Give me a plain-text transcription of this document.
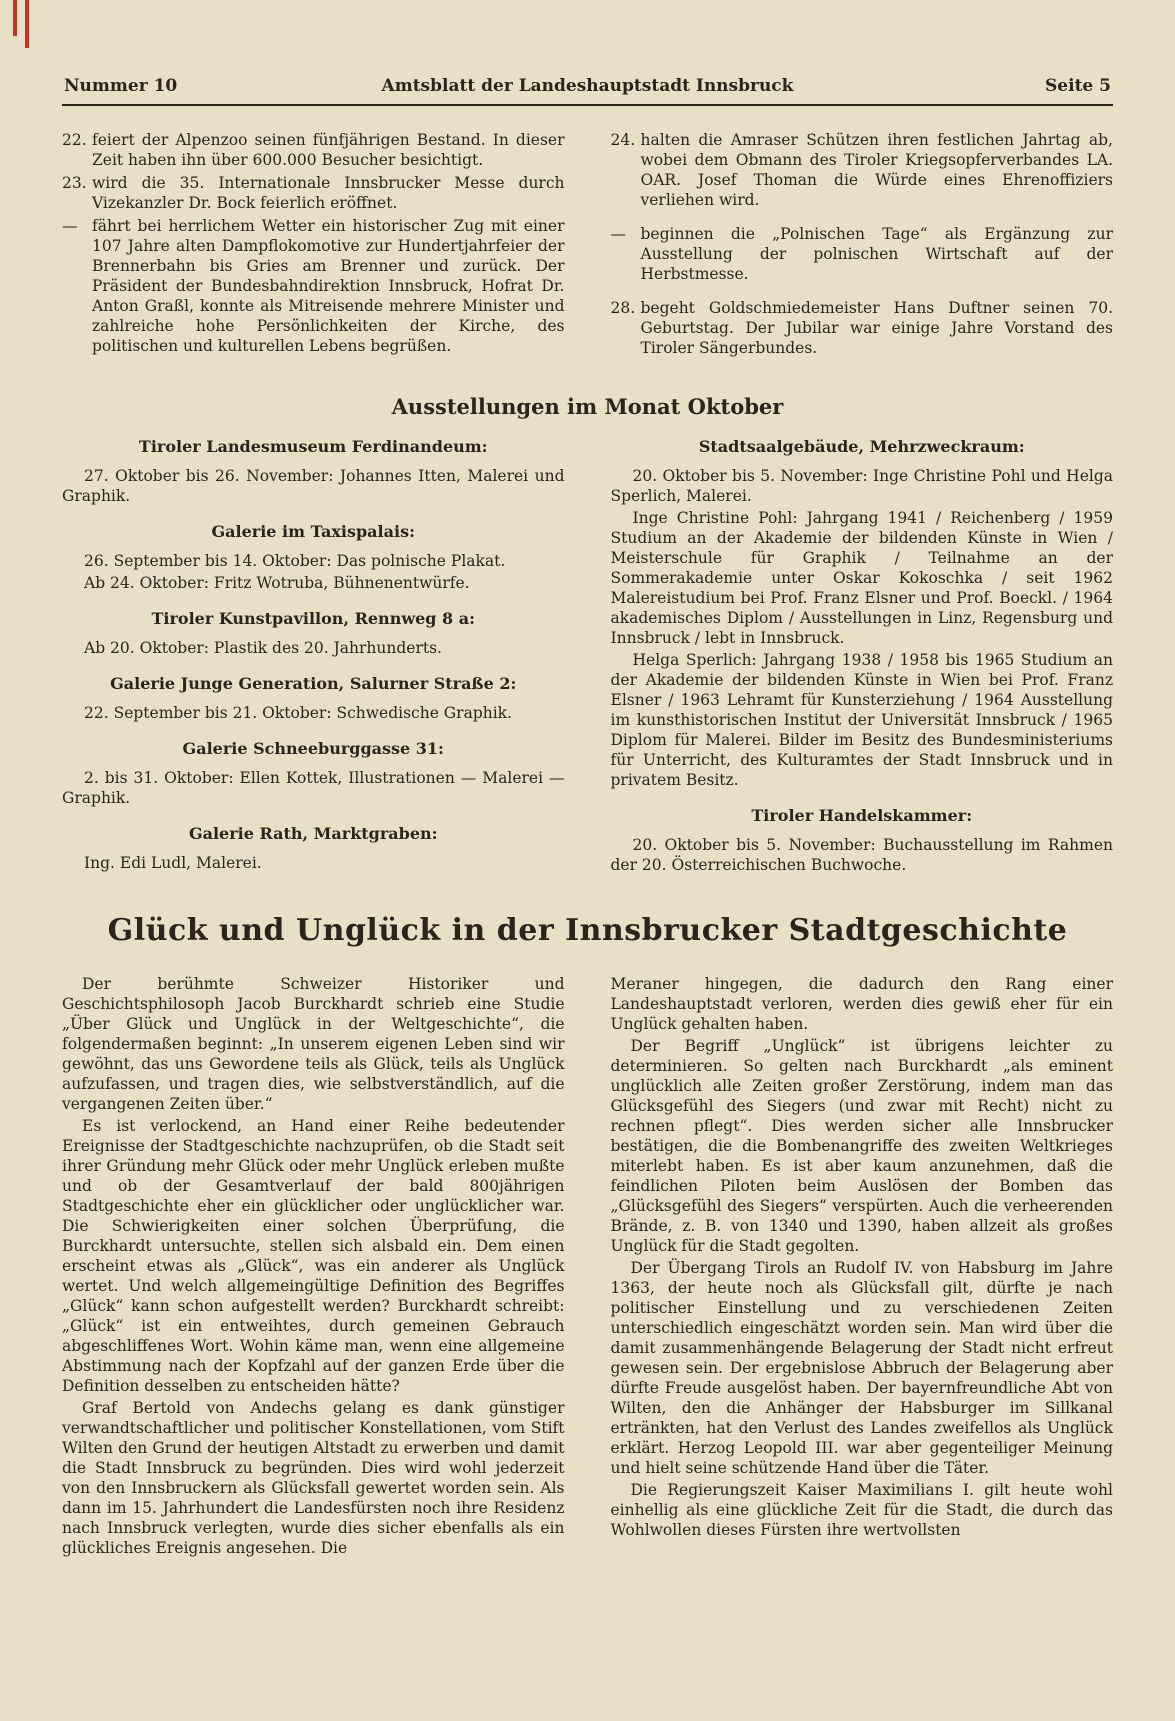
Nummer 10	Amtsblatt der Landeshauptstadt Innsbruck	Seite 5

22. feiert der Alpenzoo seinen fünfjährigen Bestand. In dieser Zeit haben ihn über 600.000 Besucher besichtigt.

23. wird die 35. Internationale Innsbrucker Messe durch Vizekanzler Dr. Bock feierlich eröffnet.

— fährt bei herrlichem Wetter ein historischer Zug mit einer 107 Jahre alten Dampflokomotive zur Hundertjahrfeier der Brennerbahn bis Gries am Brenner und zurück. Der Präsident der Bundesbahndirektion Innsbruck, Hofrat Dr. Anton Graßl, konnte als Mitreisende mehrere Minister und zahlreiche hohe Persönlichkeiten der Kirche, des politischen und kulturellen Lebens begrüßen.

24. halten die Amraser Schützen ihren festlichen Jahrtag ab, wobei dem Obmann des Tiroler Kriegsopferverbandes LA. OAR. Josef Thoman die Würde eines Ehrenoffiziers verliehen wird.

— beginnen die „Polnischen Tage“ als Ergänzung zur Ausstellung der polnischen Wirtschaft auf der Herbstmesse.

28. begeht Goldschmiedemeister Hans Duftner seinen 70. Geburtstag. Der Jubilar war einige Jahre Vorstand des Tiroler Sängerbundes.

Ausstellungen im Monat Oktober
Tiroler Landesmuseum Ferdinandeum:

27. Oktober bis 26. November: Johannes Itten, Malerei und Graphik.

Galerie im Taxispalais:

26. September bis 14. Oktober: Das polnische Plakat.

Ab 24. Oktober: Fritz Wotruba, Bühnenentwürfe.

Tiroler Kunstpavillon, Rennweg 8 a:

Ab 20. Oktober: Plastik des 20. Jahrhunderts.

Galerie Junge Generation, Salurner Straße 2:

22. September bis 21. Oktober: Schwedische Graphik.

Galerie Schneeburggasse 31:

2. bis 31. Oktober: Ellen Kottek, Illustrationen — Malerei — Graphik.

Galerie Rath, Marktgraben:

Ing. Edi Ludl, Malerei.

Stadtsaalgebäude, Mehrzweckraum:

20. Oktober bis 5. November: Inge Christine Pohl und Helga Sperlich, Malerei.

Inge Christine Pohl: Jahrgang 1941 / Reichenberg / 1959 Studium an der Akademie der bildenden Künste in Wien / Meisterschule für Graphik / Teilnahme an der Sommerakademie unter Oskar Kokoschka / seit 1962 Malereistudium bei Prof. Franz Elsner und Prof. Boeckl. / 1964 akademisches Diplom / Ausstellungen in Linz, Regensburg und Innsbruck / lebt in Innsbruck.

Helga Sperlich: Jahrgang 1938 / 1958 bis 1965 Studium an der Akademie der bildenden Künste in Wien bei Prof. Franz Elsner / 1963 Lehramt für Kunsterziehung / 1964 Ausstellung im kunsthistorischen Institut der Universität Innsbruck / 1965 Diplom für Malerei. Bilder im Besitz des Bundesministeriums für Unterricht, des Kulturamtes der Stadt Innsbruck und in privatem Besitz.

Tiroler Handelskammer:

20. Oktober bis 5. November: Buchausstellung im Rahmen der 20. Österreichischen Buchwoche.

Glück und Unglück in der Innsbrucker Stadtgeschichte

Der berühmte Schweizer Historiker und Geschichtsphilosoph Jacob Burckhardt schrieb eine Studie „Über Glück und Unglück in der Weltgeschichte“, die folgendermaßen beginnt: „In unserem eigenen Leben sind wir gewöhnt, das uns Gewordene teils als Glück, teils als Unglück aufzufassen, und tragen dies, wie selbstverständlich, auf die vergangenen Zeiten über.“

Es ist verlockend, an Hand einer Reihe bedeutender Ereignisse der Stadtgeschichte nachzuprüfen, ob die Stadt seit ihrer Gründung mehr Glück oder mehr Unglück erleben mußte und ob der Gesamtverlauf der bald 800jährigen Stadtgeschichte eher ein glücklicher oder unglücklicher war. Die Schwierigkeiten einer solchen Überprüfung, die Burckhardt untersuchte, stellen sich alsbald ein. Dem einen erscheint etwas als „Glück“, was ein anderer als Unglück wertet. Und welch allgemeingültige Definition des Begriffes „Glück“ kann schon aufgestellt werden? Burckhardt schreibt: „Glück“ ist ein entweihtes, durch gemeinen Gebrauch abgeschliffenes Wort. Wohin käme man, wenn eine allgemeine Abstimmung nach der Kopfzahl auf der ganzen Erde über die Definition desselben zu entscheiden hätte?

Graf Bertold von Andechs gelang es dank günstiger verwandtschaftlicher und politischer Konstellationen, vom Stift Wilten den Grund der heutigen Altstadt zu erwerben und damit die Stadt Innsbruck zu begründen. Dies wird wohl jederzeit von den Innsbruckern als Glücksfall gewertet worden sein. Als dann im 15. Jahrhundert die Landesfürsten noch ihre Residenz nach Innsbruck verlegten, wurde dies sicher ebenfalls als ein glückliches Ereignis angesehen. Die

Meraner hingegen, die dadurch den Rang einer Landeshauptstadt verloren, werden dies gewiß eher für ein Unglück gehalten haben.

Der Begriff „Unglück“ ist übrigens leichter zu determinieren. So gelten nach Burckhardt „als eminent unglücklich alle Zeiten großer Zerstörung, indem man das Glücksgefühl des Siegers (und zwar mit Recht) nicht zu rechnen pflegt“. Dies werden sicher alle Innsbrucker bestätigen, die die Bombenangriffe des zweiten Weltkrieges miterlebt haben. Es ist aber kaum anzunehmen, daß die feindlichen Piloten beim Auslösen der Bomben das „Glücksgefühl des Siegers“ verspürten. Auch die verheerenden Brände, z. B. von 1340 und 1390, haben allzeit als großes Unglück für die Stadt gegolten.

Der Übergang Tirols an Rudolf IV. von Habsburg im Jahre 1363, der heute noch als Glücksfall gilt, dürfte je nach politischer Einstellung und zu verschiedenen Zeiten unterschiedlich eingeschätzt worden sein. Man wird über die damit zusammenhängende Belagerung der Stadt nicht erfreut gewesen sein. Der ergebnislose Abbruch der Belagerung aber dürfte Freude ausgelöst haben. Der bayernfreundliche Abt von Wilten, den die Anhänger der Habsburger im Sillkanal ertränkten, hat den Verlust des Landes zweifellos als Unglück erklärt. Herzog Leopold III. war aber gegenteiliger Meinung und hielt seine schützende Hand über die Täter.

Die Regierungszeit Kaiser Maximilians I. gilt heute wohl einhellig als eine glückliche Zeit für die Stadt, die durch das Wohlwollen dieses Fürsten ihre wertvollsten
